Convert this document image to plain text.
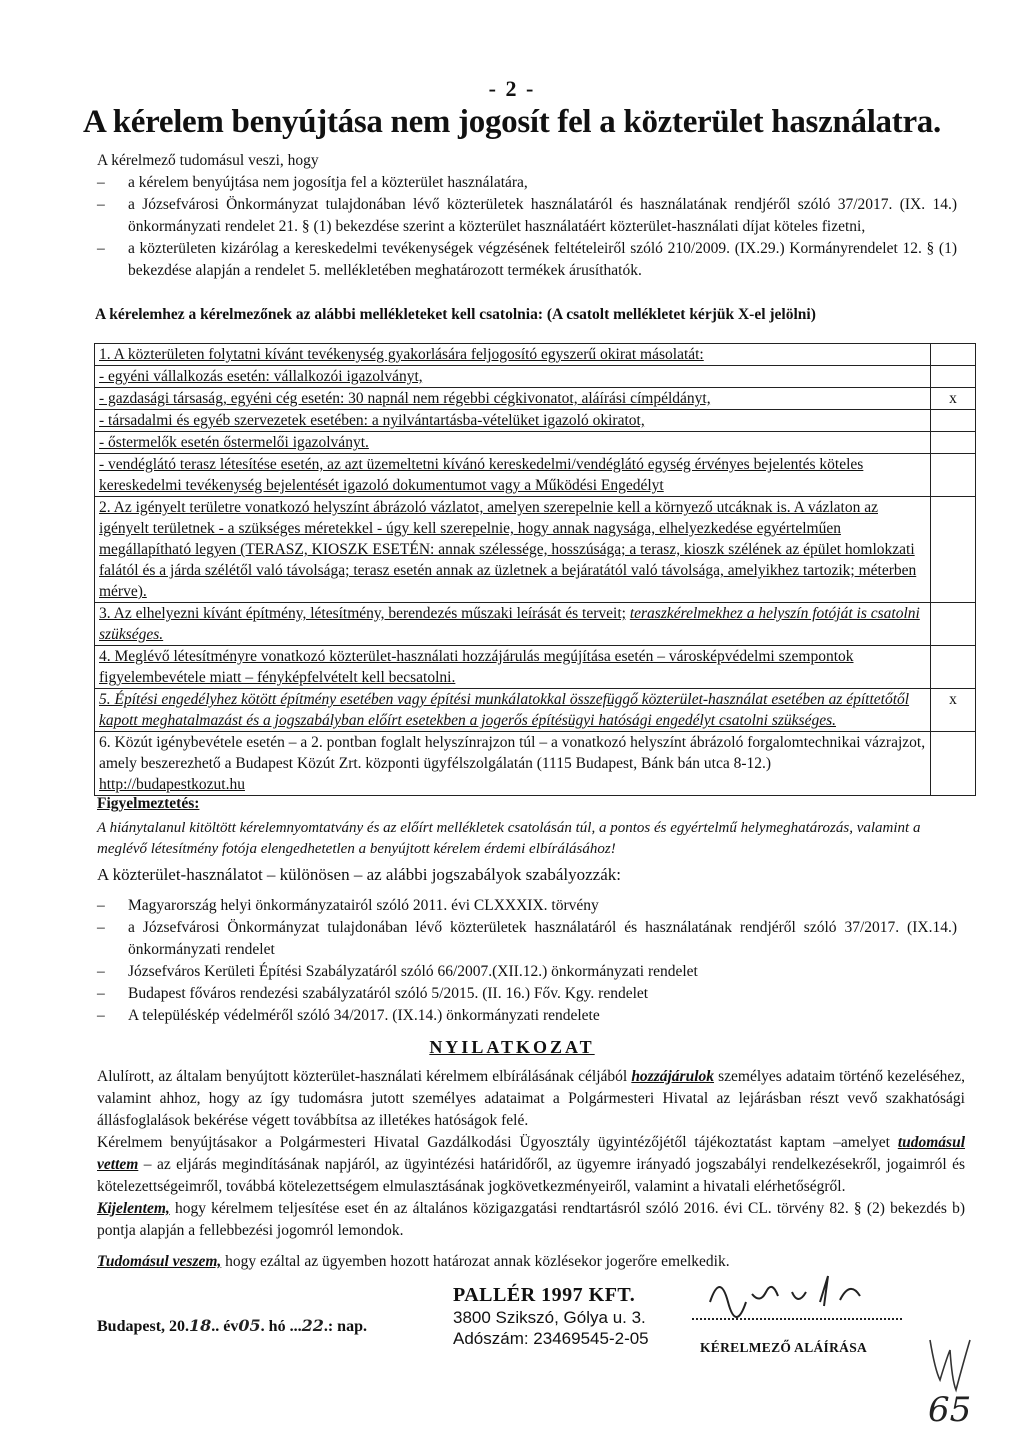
- 2 -
A kérelem benyújtása nem jogosít fel a közterület használatra.
A kérelmező tudomásul veszi, hogy
– a kérelem benyújtása nem jogosítja fel a közterület használatára,
– a Józsefvárosi Önkormányzat tulajdonában lévő közterületek használatáról és használatának rendjéről szóló 37/2017. (IX. 14.) önkormányzati rendelet 21. § (1) bekezdése szerint a közterület használatáért közterület-használati díjat köteles fizetni,
– a közterületen kizárólag a kereskedelmi tevékenységek végzésének feltételeiről szóló 210/2009. (IX.29.) Kormányrendelet 12. § (1) bekezdése alapján a rendelet 5. mellékletében meghatározott termékek árusíthatók.
A kérelemhez a kérelmezőnek az alábbi mellékleteket kell csatolnia: (A csatolt mellékletet kérjük X-el jelölni)
1. A közterületen folytatni kívánt tevékenység gyakorlására feljogosító egyszerű okirat másolatát:	
- egyéni vállalkozás esetén: vállalkozói igazolványt,	
- gazdasági társaság, egyéni cég esetén: 30 napnál nem régebbi cégkivonatot, aláírási címpéldányt,	x
- társadalmi és egyéb szervezetek esetében: a nyilvántartásba-vételüket igazoló okiratot,	
- őstermelők esetén őstermelői igazolványt.	
- vendéglátó terasz létesítése esetén, az azt üzemeltetni kívánó kereskedelmi/vendéglátó egység érvényes bejelentés köteles kereskedelmi tevékenység bejelentését igazoló dokumentumot vagy a Működési Engedélyt	
2. Az igényelt területre vonatkozó helyszínt ábrázoló vázlatot, amelyen szerepelnie kell a környező utcáknak is. A vázlaton az igényelt területnek - a szükséges méretekkel - úgy kell szerepelnie, hogy annak nagysága, elhelyezkedése egyértelműen megállapítható legyen (TERASZ, KIOSZK ESETÉN: annak szélessége, hosszúsága; a terasz, kioszk szélének az épület homlokzati falától és a járda szélétől való távolsága; terasz esetén annak az üzletnek a bejáratától való távolsága, amelyikhez tartozik; méterben mérve).	
3. Az elhelyezni kívánt építmény, létesítmény, berendezés műszaki leírását és terveit; teraszkérelmekhez a helyszín fotóját is csatolni szükséges.	
4. Meglévő létesítményre vonatkozó közterület-használati hozzájárulás megújítása esetén – városképvédelmi szempontok figyelembevétele miatt – fényképfelvételt kell becsatolni.	
5. Építési engedélyhez kötött építmény esetében vagy építési munkálatokkal összefüggő közterület-használat esetében az építtetőtől kapott meghatalmazást és a jogszabályban előírt esetekben a jogerős építésügyi hatósági engedélyt csatolni szükséges.	x
6. Közút igénybevétele esetén – a 2. pontban foglalt helyszínrajzon túl – a vonatkozó helyszínt ábrázoló forgalomtechnikai vázrajzot, amely beszerezhető a Budapest Közút Zrt. központi ügyfélszolgálatán (1115 Budapest, Bánk bán utca 8-12.)
http://budapestkozut.hu	
Figyelmeztetés:
A hiánytalanul kitöltött kérelemnyomtatvány és az előírt mellékletek csatolásán túl, a pontos és egyértelmű helymeghatározás, valamint a meglévő létesítmény fotója elengedhetetlen a benyújtott kérelem érdemi elbírálásához!
A közterület-használatot – különösen – az alábbi jogszabályok szabályozzák:
– Magyarország helyi önkormányzatairól szóló 2011. évi CLXXXIX. törvény
– a Józsefvárosi Önkormányzat tulajdonában lévő közterületek használatáról és használatának rendjéről szóló 37/2017. (IX.14.) önkormányzati rendelet
– Józsefváros Kerületi Építési Szabályzatáról szóló 66/2007.(XII.12.) önkormányzati rendelet
– Budapest főváros rendezési szabályzatáról szóló 5/2015. (II. 16.) Főv. Kgy. rendelet
– A településkép védelméről szóló 34/2017. (IX.14.) önkormányzati rendelete
NYILATKOZAT
Alulírott, az általam benyújtott közterület-használati kérelmem elbírálásának céljából hozzájárulok személyes adataim történő kezeléséhez, valamint ahhoz, hogy az így tudomásra jutott személyes adataimat a Polgármesteri Hivatal az lejárásban részt vevő szakhatósági állásfoglalások bekérése végett továbbítsa az illetékes hatóságok felé.
Kérelmem benyújtásakor a Polgármesteri Hivatal Gazdálkodási Ügyosztály ügyintézőjétől tájékoztatást kaptam –amelyet tudomásul vettem – az eljárás megindításának napjáról, az ügyintézési határidőről, az ügyemre irányadó jogszabályi rendelkezésekről, jogaimról és kötelezettségeimről, továbbá kötelezettségem elmulasztásának jogkövetkezményeiről, valamint a hivatali elérhetőségről.
Kijelentem, hogy kérelmem teljesítése eset én az általános közigazgatási rendtartásról szóló 2016. évi CL. törvény 82. § (2) bekezdés b) pontja alapján a fellebbezési jogomról lemondok.
Tudomásul veszem, hogy ezáltal az ügyemben hozott határozat annak közlésekor jogerőre emelkedik.
Budapest, 20.18.. év05. hó ...22.: nap.
PALLÉR 1997 KFT.
3800 Szikszó, Gólya u. 3.
Adószám: 23469545-2-05	KÉRELMEZŐ ALÁÍRÁSA
65
